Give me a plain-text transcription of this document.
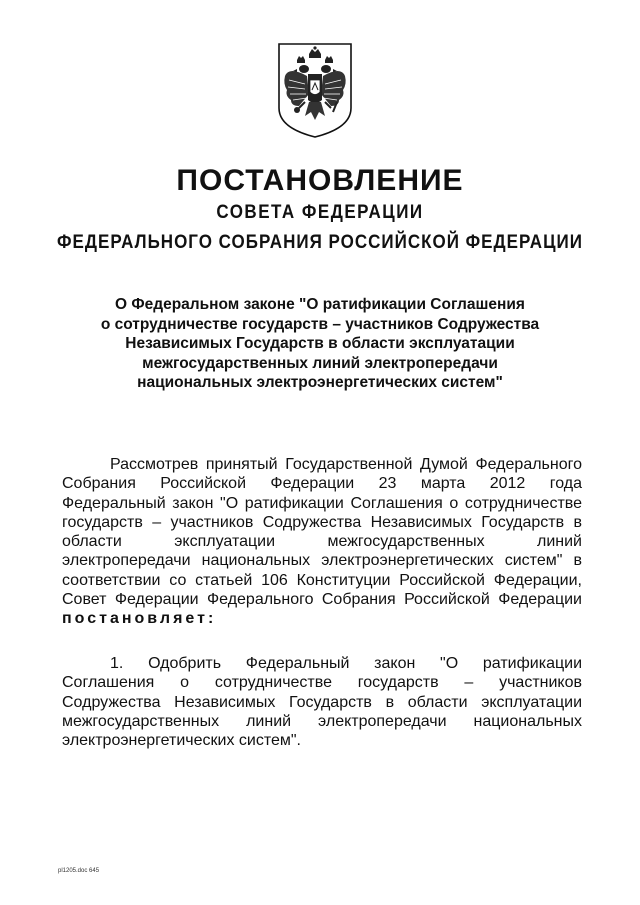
ПОСТАНОВЛЕНИЕ
СОВЕТА ФЕДЕРАЦИИ
ФЕДЕРАЛЬНОГО СОБРАНИЯ РОССИЙСКОЙ ФЕДЕРАЦИИ
О Федеральном законе "О ратификации Соглашения
о сотрудничестве государств – участников Содружества
Независимых Государств в области эксплуатации
межгосударственных линий электропередачи
национальных электроэнергетических систем"
Рассмотрев принятый Государственной Думой Федерального
Собрания Российской Федерации 23 марта 2012 года
Федеральный закон "О ратификации Соглашения о сотрудничестве
государств – участников Содружества Независимых Государств в
области эксплуатации межгосударственных линий
электропередачи национальных электроэнергетических систем" в
соответствии со статьей 106 Конституции Российской Федерации,
Совет Федерации Федерального Собрания Российской Федерации
постановляет:
1. Одобрить Федеральный закон "О ратификации
Соглашения о сотрудничестве государств – участников
Содружества Независимых Государств в области эксплуатации
межгосударственных линий электропередачи национальных
электроэнергетических систем".
pl1205.doc 645
